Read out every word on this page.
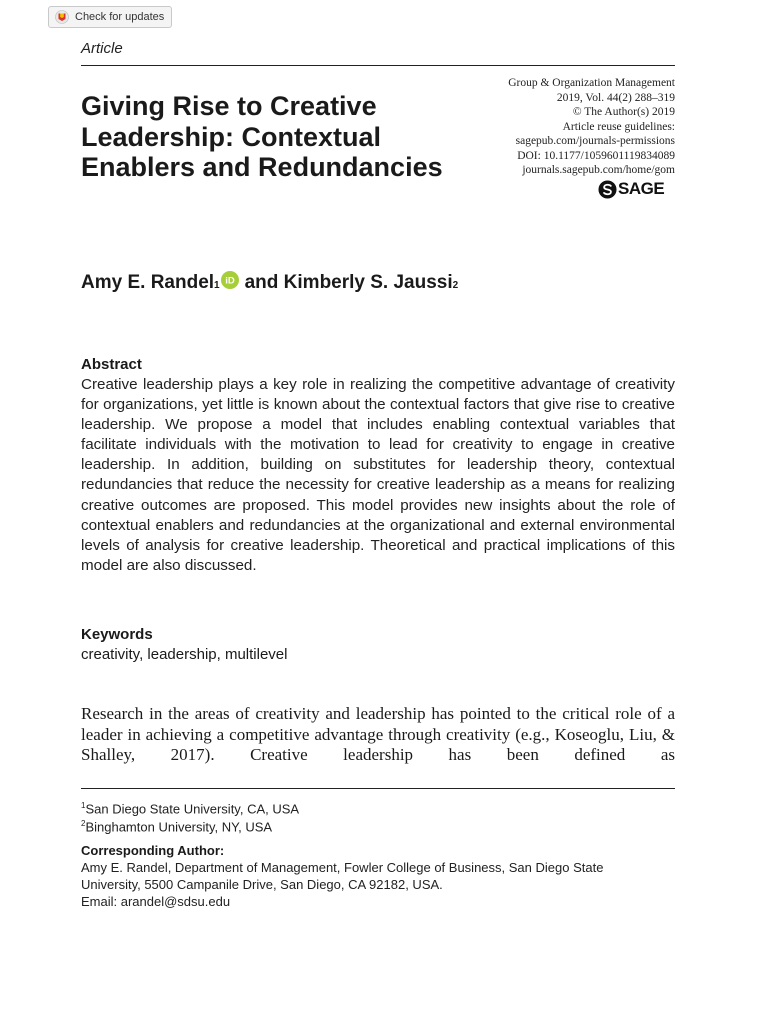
Check for updates
Article
Giving Rise to Creative Leadership: Contextual Enablers and Redundancies
Group & Organization Management
2019, Vol. 44(2) 288–319
© The Author(s) 2019
Article reuse guidelines:
sagepub.com/journals-permissions
DOI: 10.1177/1059601119834089
journals.sagepub.com/home/gom
SAGE
Amy E. Randel 1 iD and
Kimberly S. Jaussi 2
Abstract

Creative leadership plays a key role in realizing the competitive advantage of creativity for organizations, yet little is known about the contextual factors that give rise to creative leadership. We propose a model that includes enabling contextual variables that facilitate individuals with the motivation to lead for creativity to engage in creative leadership. In addition, building on substitutes for leadership theory, contextual redundancies that reduce the necessity for creative leadership as a means for realizing creative outcomes are proposed. This model provides new insights about the role of contextual enablers and redundancies at the organizational and external environmental levels of analysis for creative leadership. Theoretical and practical implications of this model are also discussed.

Keywords
creativity, leadership, multilevel

Research in the areas of creativity and leadership has pointed to the critical role of a leader in achieving a competitive advantage through creativity (e.g., Koseoglu, Liu, & Shalley, 2017). Creative leadership has been defined as

$^1$San Diego State University, CA, USA
$^2$Binghamton University, NY, USA
Corresponding Author:
Amy E. Randel, Department of Management, Fowler College of Business, San Diego State
University, 5500 Campanile Drive, San Diego, CA 92182, USA.
Email: arandel@sdsu.edu
